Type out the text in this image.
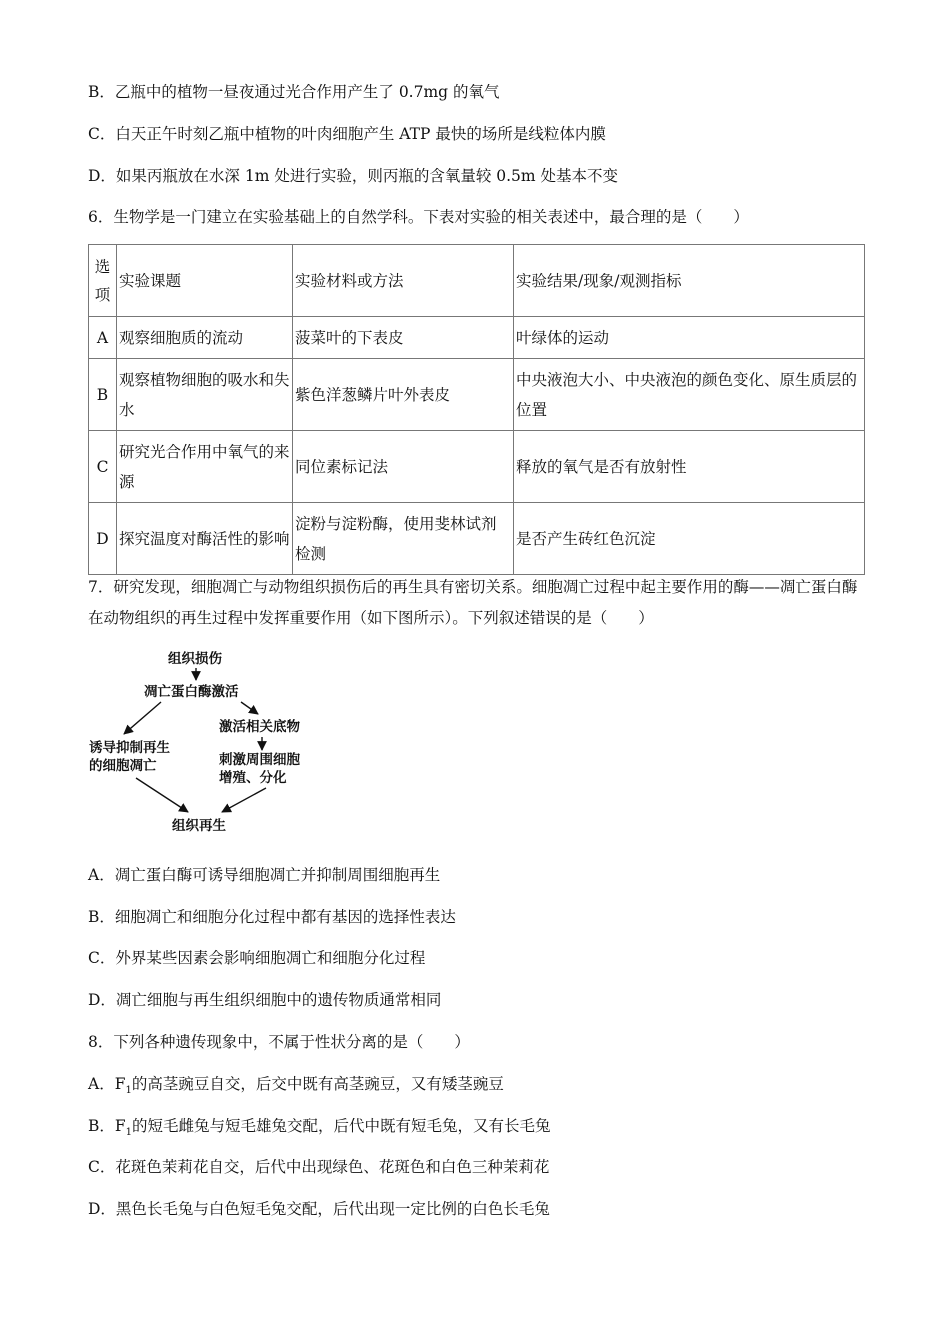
B．乙瓶中的植物一昼夜通过光合作用产生了 0.7mg 的氧气
C．白天正午时刻乙瓶中植物的叶肉细胞产生 ATP 最快的场所是线粒体内膜
D．如果丙瓶放在水深 1m 处进行实验，则丙瓶的含氧量较 0.5m 处基本不变
6．生物学是一门建立在实验基础上的自然学科。下表对实验的相关表述中，最合理的是（　　）
选项	实验课题	实验材料或方法	实验结果/现象/观测指标
A	观察细胞质的流动	菠菜叶的下表皮	叶绿体的运动
B	观察植物细胞的吸水和失水	紫色洋葱鳞片叶外表皮	中央液泡大小、中央液泡的颜色变化、原生质层的位置
C	研究光合作用中氧气的来源	同位素标记法	释放的氧气是否有放射性
D	探究温度对酶活性的影响	淀粉与淀粉酶，使用斐林试剂检测	是否产生砖红色沉淀
7．研究发现，细胞凋亡与动物组织损伤后的再生具有密切关系。细胞凋亡过程中起主要作用的酶——凋亡蛋白酶在动物组织的再生过程中发挥重要作用（如下图所示）。下列叙述错误的是（　　）
组织损伤
凋亡蛋白酶激活
激活相关底物
诱导抑制再生
的细胞凋亡	刺激周围细胞
增殖、分化
组织再生
A．凋亡蛋白酶可诱导细胞凋亡并抑制周围细胞再生
B．细胞凋亡和细胞分化过程中都有基因的选择性表达
C．外界某些因素会影响细胞凋亡和细胞分化过程
D．凋亡细胞与再生组织细胞中的遗传物质通常相同
8．下列各种遗传现象中，不属于性状分离的是（　　）
A．$F_1$的高茎豌豆自交，后交中既有高茎豌豆，又有矮茎豌豆
B．$F_1$的短毛雌兔与短毛雄兔交配，后代中既有短毛兔，又有长毛兔
C．花斑色茉莉花自交，后代中出现绿色、花斑色和白色三种茉莉花
D．黑色长毛兔与白色短毛兔交配，后代出现一定比例的白色长毛兔
